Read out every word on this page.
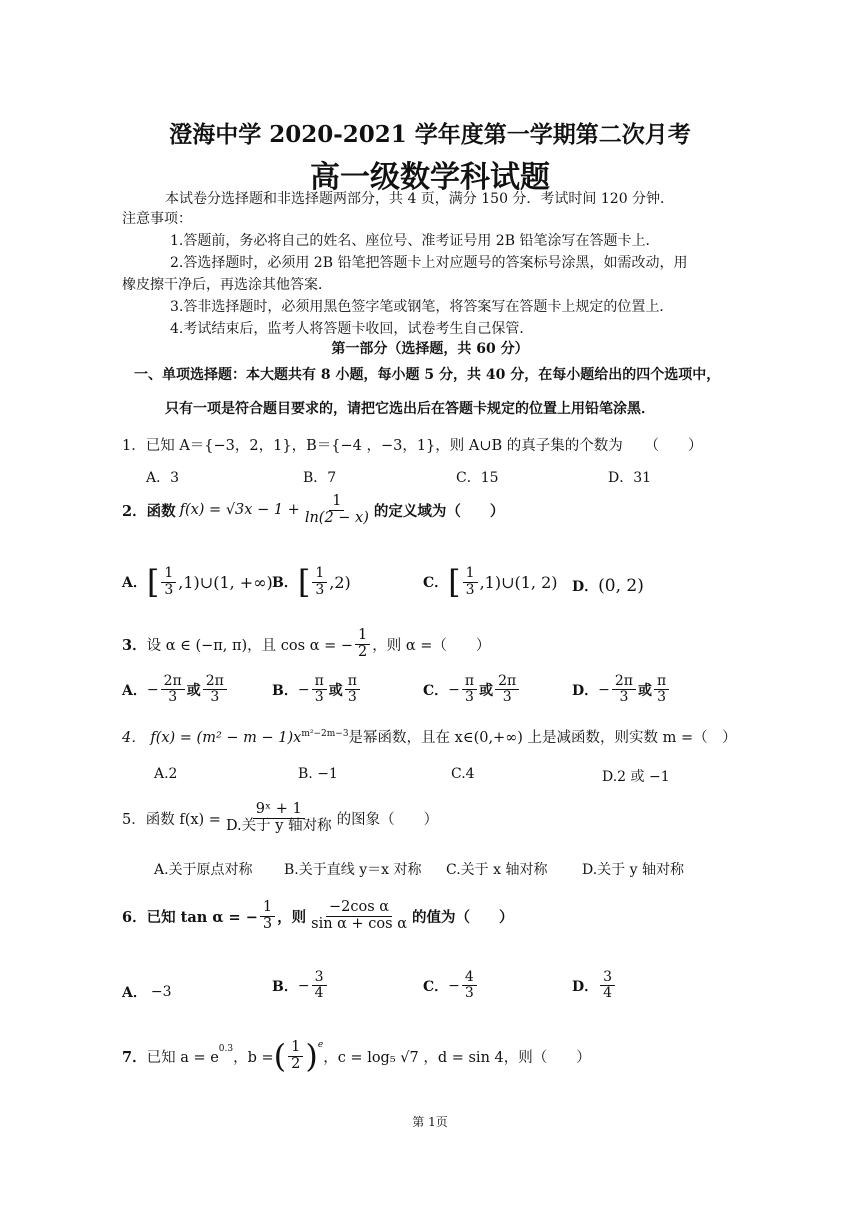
澄海中学 2020-2021 学年度第一学期第二次月考
高一级数学科试题
本试卷分选择题和非选择题两部分，共 4 页，满分 150 分．考试时间 120 分钟．
注意事项：
1.答题前，务必将自己的姓名、座位号、准考证号用 2B 铅笔涂写在答题卡上．
2.答选择题时，必须用 2B 铅笔把答题卡上对应题号的答案标号涂黑，如需改动，用
橡皮擦干净后，再选涂其他答案．
3.答非选择题时，必须用黑色签字笔或钢笔，将答案写在答题卡上规定的位置上．
4.考试结束后，监考人将答题卡收回，试卷考生自己保管．
第一部分（选择题，共 60 分）
一、单项选择题：本大题共有 8 小题，每小题 5 分，共 40 分，在每小题给出的四个选项中，
只有一项是符合题目要求的，请把它选出后在答题卡规定的位置上用铅笔涂黑．
1．已知 A＝{−3，2，1}，B＝{−4 ，−3，1}，则 A∪B 的真子集的个数为　　（　　）
A．3	B．7	C．15	D．31
2． 函数 $f(x) = √3x - 1 + \frac{1}{\ln(2 - x)}$ 的定义域为（　　）
A． [ $\frac{1}{3}$ ,1)∪(1, +∞) B． [ $\frac{1}{3} ,2$)	C． [ $\frac{1}{3}$ ,1)∪(1, 2) D． (0, 2)
3． 设 α ∈ (−π, π)，且 cos α = − $\frac{1}{2}$ ，则 α =（　　）
A． − $\frac{2\pi}{3}$ 或 $\frac{2\pi}{3}$	B． − $\frac{\pi}{3}$ 或 $\frac{\pi}{3}$	C． − $\frac{\pi}{3}$ 或 $\frac{2\pi}{3}$	D． − $\frac{2\pi}{3}$ 或 $\frac{\pi}{3}$
4． $f(x) = (m^2 - m - 1)x^{m^2-2m-3}$是幂函数，且在 x∈(0,+∞) 上是减函数，则实数 m =（　）
A.2	B. −1	C.4	D.2 或 −1
5．函数 $f(x) = \frac{\text{9ˣ + 1}}{\text{D.关于 y 轴对称}}$ 的图象（　　）
A.关于原点对称 B.关于直线 y＝x 对称 C.关于 x 轴对称 D.关于 y 轴对称
6． 已知 tan α = − $\frac{1}{3}$ ，则 $\frac{\text{−2cos α}}{\text{sin α + cos α}}$ 的值为（　　）
A． −3	B． − $\frac{3}{4}$	C． − $\frac{4}{3}$	D． $\frac{3}{4}$
7． 已知 a = e
$^{0.3}$
，b = ( $\frac{1}{2} )^e$
，c = log₅ √7 ，d = sin 4，则（　　）
第 1页
